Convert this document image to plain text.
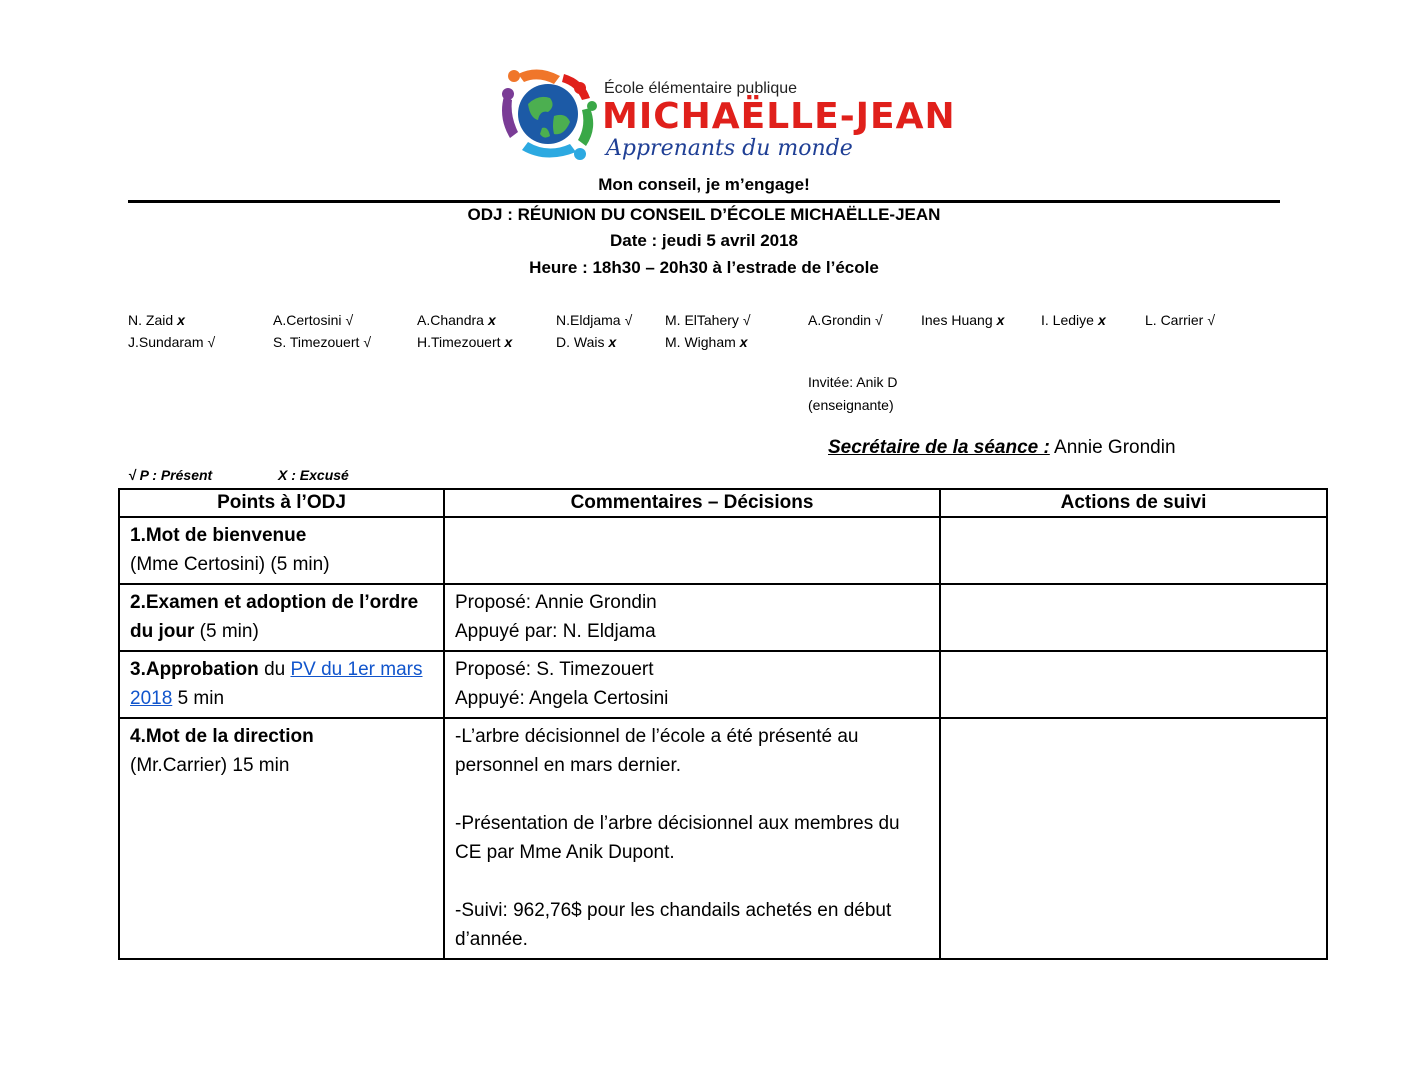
École élémentaire publique
MICHAËLLE-JEAN
Apprenants du monde
Mon conseil, je m’engage!
ODJ : RÉUNION DU CONSEIL D’ÉCOLE MICHAËLLE-JEAN
Date : jeudi 5 avril 2018
Heure : 18h30 – 20h30 à l’estrade de l’école
N. Zaid x	A.Certosini √	A.Chandra x	N.Eldjama √ M. ElTahery √	A.Grondin √	Ines Huang x	I. Lediye x	L. Carrier √
J.Sundaram √	S. Timezouert √	H.Timezouert x	D. Wais x	M. Wigham x
Invitée: Anik D
(enseignante)
Secrétaire de la séance : Annie Grondin
√ P : Présent	X : Excusé
Points à l’ODJ	Commentaires – Décisions	Actions de suivi

1.Mot de bienvenue
(Mme Certosini) (5 min)		

2.Examen et adoption de l’ordre du jour (5 min)	Proposé: Annie Grondin
Appuyé par: N. Eldjama	

3.Approbation du PV du 1er mars 2018 5 min	Proposé: S. Timezouert
Appuyé: Angela Certosini	

4.Mot de la direction
(Mr.Carrier) 15 min	-L’arbre décisionnel de l’école a été présenté au personnel en mars dernier.
-Présentation de l’arbre décisionnel aux membres du CE par Mme Anik Dupont.
-Suivi: 962,76$ pour les chandails achetés en début d’année.	
